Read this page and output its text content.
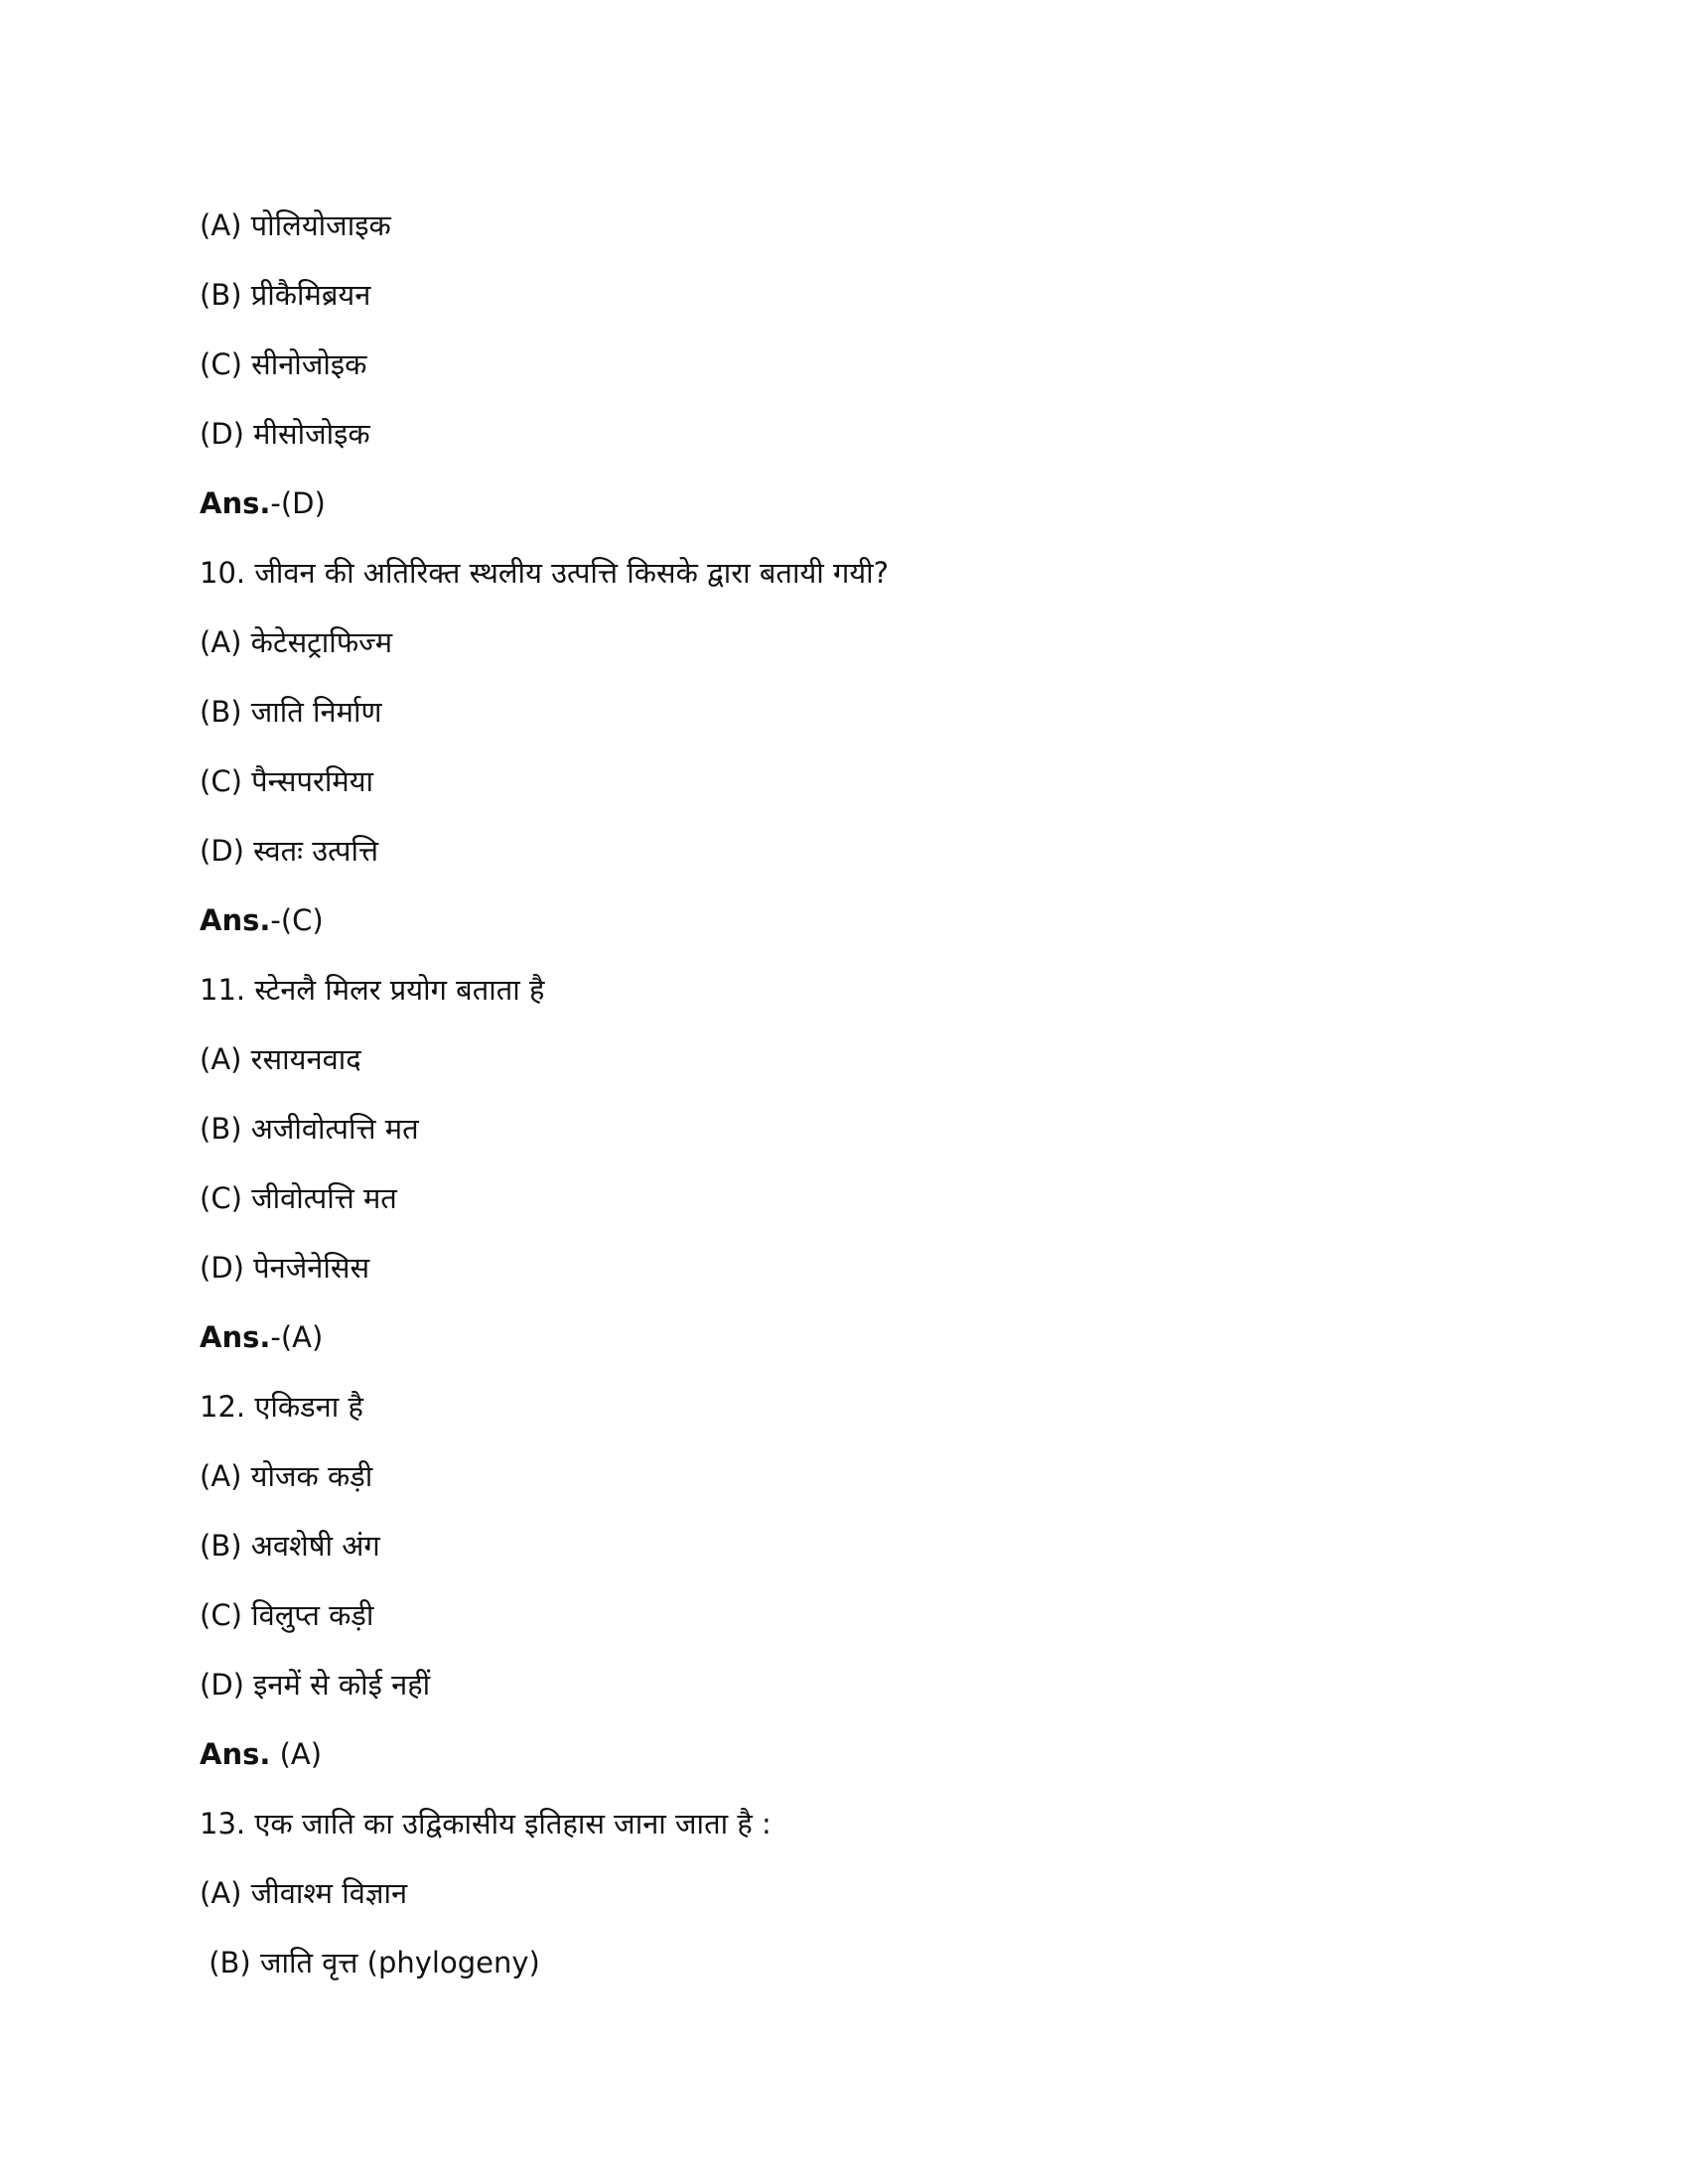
(A) पोलियोजाइक
(B) प्रीकैमिब्रयन
(C) सीनोजोइक
(D) मीसोजोइक
Ans.-(D)
10. जीवन की अतिरिक्त स्थलीय उत्पत्ति किसके द्वारा बतायी गयी?
(A) केटेसट्राफिज्म
(B) जाति निर्माण
(C) पैन्सपरमिया
(D) स्वतः उत्पत्ति
Ans.-(C)
11. स्टेनलै मिलर प्रयोग बताता है
(A) रसायनवाद
(B) अजीवोत्पत्ति मत
(C) जीवोत्पत्ति मत
(D) पेनजेनेसिस
Ans.-(A)
12. एकिडना है
(A) योजक कड़ी
(B) अवशेषी अंग
(C) विलुप्त कड़ी
(D) इनमें से कोई नहीं
Ans. (A)
13. एक जाति का उद्विकासीय इतिहास जाना जाता है :
(A) जीवाश्म विज्ञान
(B) जाति वृत्त (phylogeny)
